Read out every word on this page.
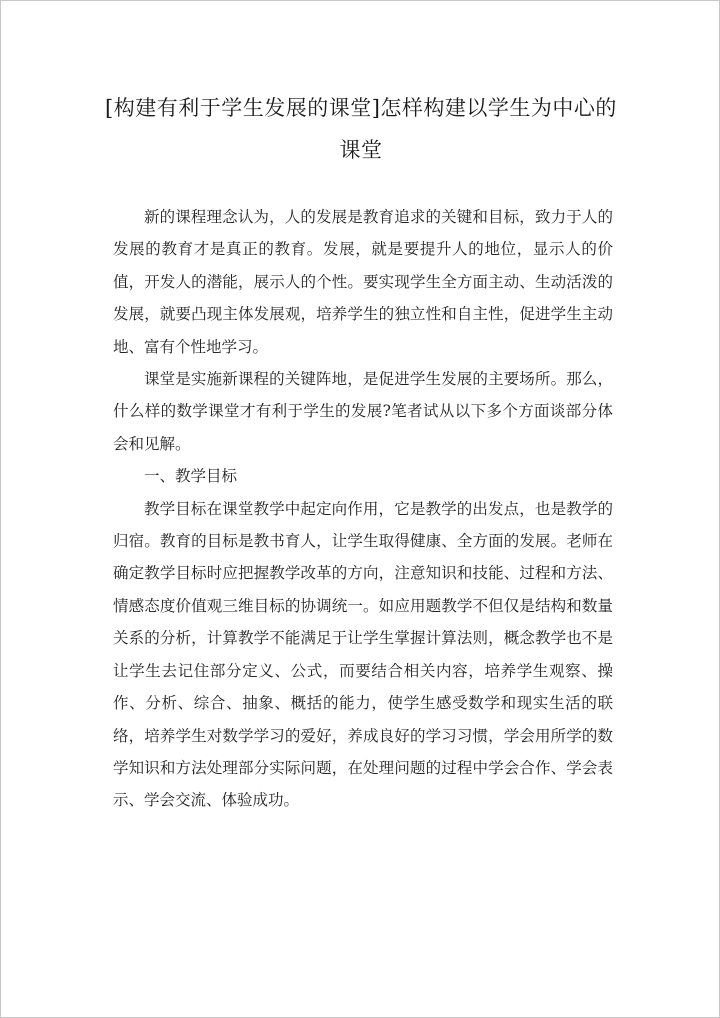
[构建有利于学生发展的课堂]怎样构建以学生为中心的课堂

新的课程理念认为，人的发展是教育追求的关键和目标，致力于人的发展的教育才是真正的教育。发展，就是要提升人的地位，显示人的价值，开发人的潜能，展示人的个性。要实现学生全方面主动、生动活泼的发展，就要凸现主体发展观，培养学生的独立性和自主性，促进学生主动地、富有个性地学习。

课堂是实施新课程的关键阵地，是促进学生发展的主要场所。那么，什么样的数学课堂才有利于学生的发展?笔者试从以下多个方面谈部分体会和见解。

一、教学目标

教学目标在课堂教学中起定向作用，它是教学的出发点，也是教学的归宿。教育的目标是教书育人，让学生取得健康、全方面的发展。老师在确定教学目标时应把握教学改革的方向，注意知识和技能、过程和方法、情感态度价值观三维目标的协调统一。如应用题教学不但仅是结构和数量关系的分析，计算教学不能满足于让学生掌握计算法则，概念教学也不是让学生去记住部分定义、公式，而要结合相关内容，培养学生观察、操作、分析、综合、抽象、概括的能力，使学生感受数学和现实生活的联络，培养学生对数学学习的爱好，养成良好的学习习惯，学会用所学的数学知识和方法处理部分实际问题，在处理问题的过程中学会合作、学会表示、学会交流、体验成功。
